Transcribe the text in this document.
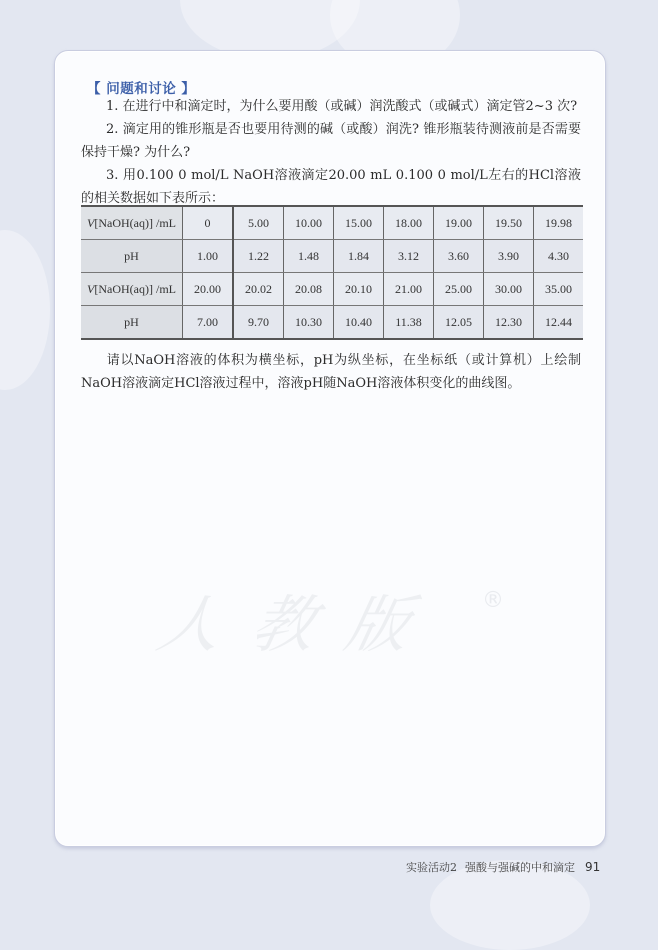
【 问题和讨论 】
1. 在进行中和滴定时，为什么要用酸（或碱）润洗酸式（或碱式）滴定管2~3 次?
2. 滴定用的锥形瓶是否也要用待测的碱（或酸）润洗? 锥形瓶装待测液前是否需要保持干燥? 为什么?
3. 用0.100 0 mol/L NaOH溶液滴定20.00 mL 0.100 0 mol/L左右的HCl溶液的相关数据如下表所示：
V[NaOH(aq)] /mL	0	5.00	10.00	15.00	18.00	19.00	19.50	19.98
pH	1.00	1.22	1.48	1.84	3.12	3.60	3.90	4.30
V[NaOH(aq)] /mL	20.00	20.02	20.08	20.10	21.00	25.00	30.00	35.00
pH	7.00	9.70	10.30	10.40	11.38	12.05	12.30	12.44
请以NaOH溶液的体积为横坐标，pH为纵坐标，在坐标纸（或计算机）上绘制NaOH溶液滴定HCl溶液过程中，溶液pH随NaOH溶液体积变化的曲线图。
人教版 ®
实验活动2 强酸与强碱的中和滴定 91
